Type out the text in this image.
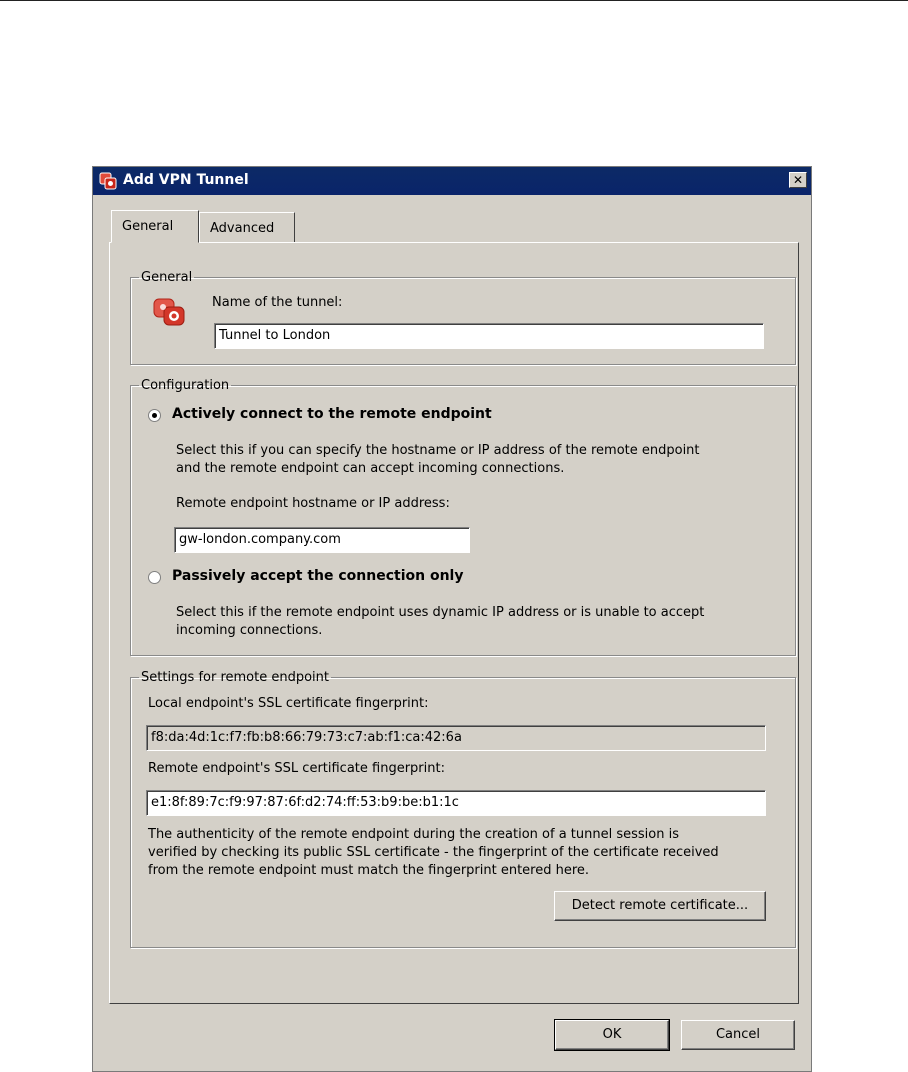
Add VPN Tunnel	✕
General	Advanced
General
Name of the tunnel:
Tunnel to London
Configuration
Actively connect to the remote endpoint
Select this if you can specify the hostname or IP address of the remote endpoint
and the remote endpoint can accept incoming connections.
Remote endpoint hostname or IP address:
gw-london.company.com
Passively accept the connection only
Select this if the remote endpoint uses dynamic IP address or is unable to accept
incoming connections.
Settings for remote endpoint
Local endpoint's SSL certificate fingerprint:
f8:da:4d:1c:f7:fb:b8:66:79:73:c7:ab:f1:ca:42:6a
Remote endpoint's SSL certificate fingerprint:
e1:8f:89:7c:f9:97:87:6f:d2:74:ff:53:b9:be:b1:1c
The authenticity of the remote endpoint during the creation of a tunnel session is
verified by checking its public SSL certificate - the fingerprint of the certificate received
from the remote endpoint must match the fingerprint entered here.
Detect remote certificate...
OK	Cancel
